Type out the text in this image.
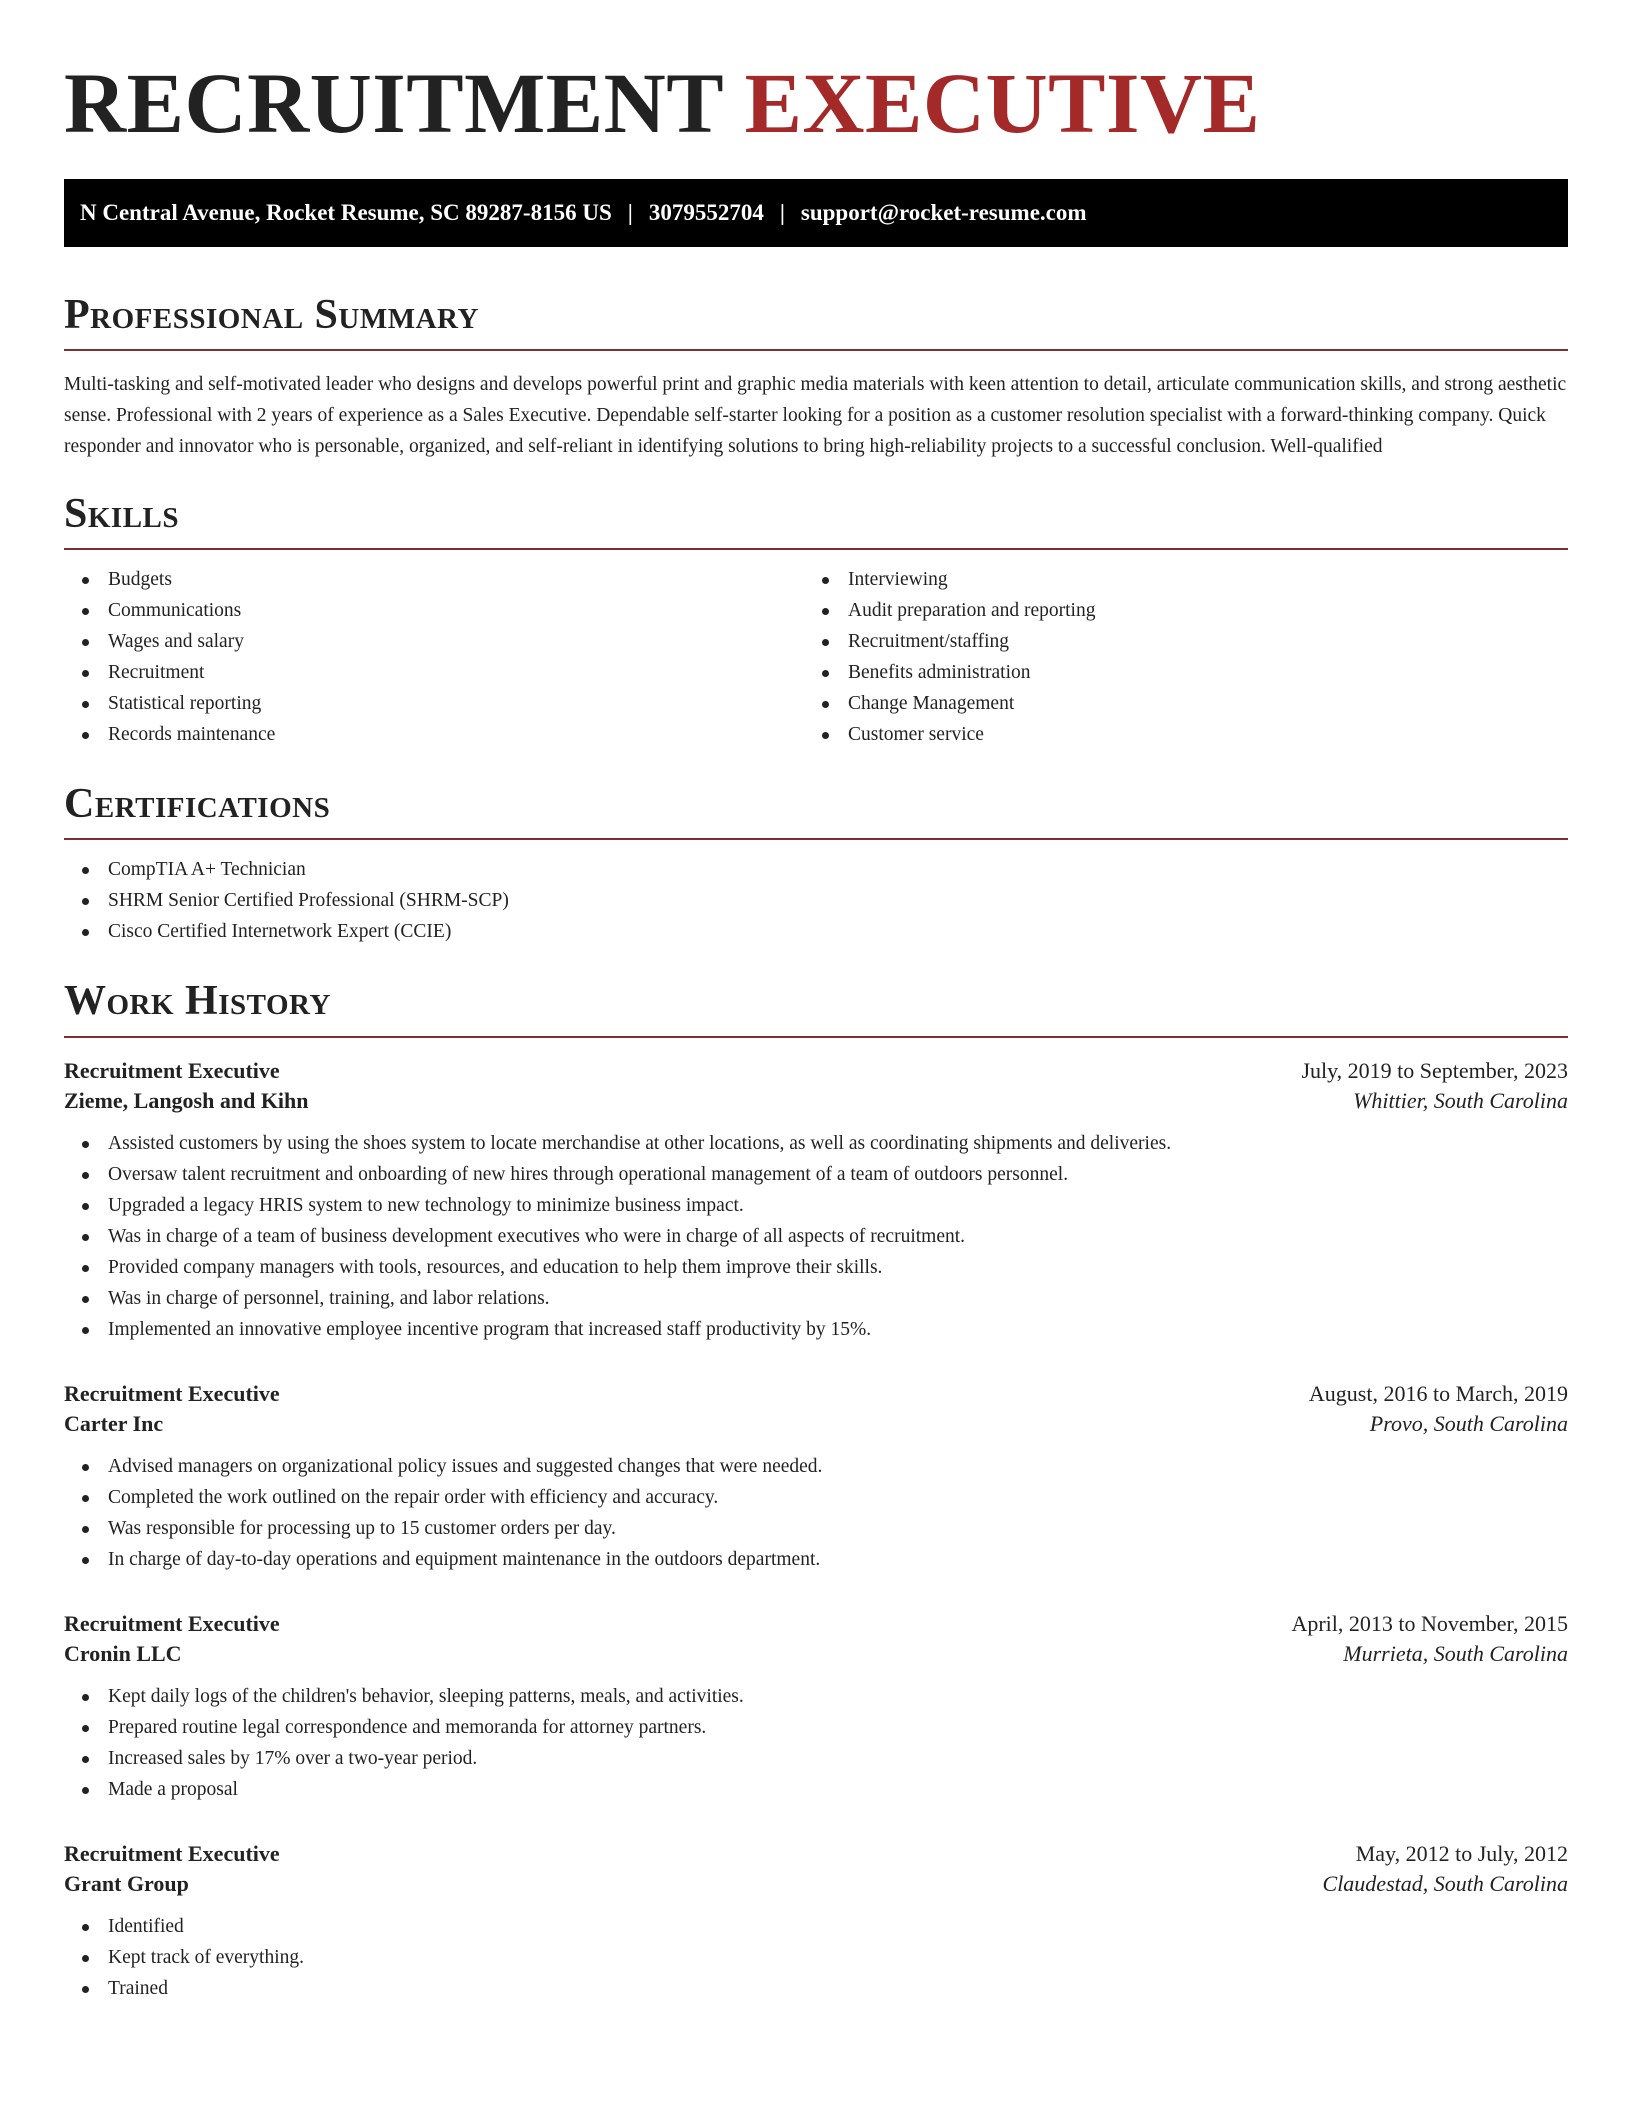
RECRUITMENT EXECUTIVE
N Central Avenue, Rocket Resume, SC 89287-8156 US | 3079552704 | support@rocket-resume.com
Professional Summary

Multi-tasking and self-motivated leader who designs and develops powerful print and graphic media materials with keen attention to detail, articulate communication skills, and strong aesthetic sense. Professional with 2 years of experience as a Sales Executive. Dependable self-starter looking for a position as a customer resolution specialist with a forward-thinking company. Quick responder and innovator who is personable, organized, and self-reliant in identifying solutions to bring high-reliability projects to a successful conclusion. Well-qualified

Skills
Budgets
Communications
Wages and salary
Recruitment
Statistical reporting
Records maintenance
Interviewing
Audit preparation and reporting
Recruitment/staffing
Benefits administration
Change Management
Customer service
Certifications
CompTIA A+ Technician
SHRM Senior Certified Professional (SHRM-SCP)
Cisco Certified Internetwork Expert (CCIE)
Work History
Recruitment Executive	July, 2019 to September, 2023
Zieme, Langosh and Kihn	Whittier, South Carolina
Assisted customers by using the shoes system to locate merchandise at other locations, as well as coordinating shipments and deliveries.
Oversaw talent recruitment and onboarding of new hires through operational management of a team of outdoors personnel.
Upgraded a legacy HRIS system to new technology to minimize business impact.
Was in charge of a team of business development executives who were in charge of all aspects of recruitment.
Provided company managers with tools, resources, and education to help them improve their skills.
Was in charge of personnel, training, and labor relations.
Implemented an innovative employee incentive program that increased staff productivity by 15%.
Recruitment Executive	August, 2016 to March, 2019
Carter Inc	Provo, South Carolina
Advised managers on organizational policy issues and suggested changes that were needed.
Completed the work outlined on the repair order with efficiency and accuracy.
Was responsible for processing up to 15 customer orders per day.
In charge of day-to-day operations and equipment maintenance in the outdoors department.
Recruitment Executive	April, 2013 to November, 2015
Cronin LLC	Murrieta, South Carolina
Kept daily logs of the children's behavior, sleeping patterns, meals, and activities.
Prepared routine legal correspondence and memoranda for attorney partners.
Increased sales by 17% over a two-year period.
Made a proposal
Recruitment Executive	May, 2012 to July, 2012
Grant Group	Claudestad, South Carolina
Identified
Kept track of everything.
Trained
